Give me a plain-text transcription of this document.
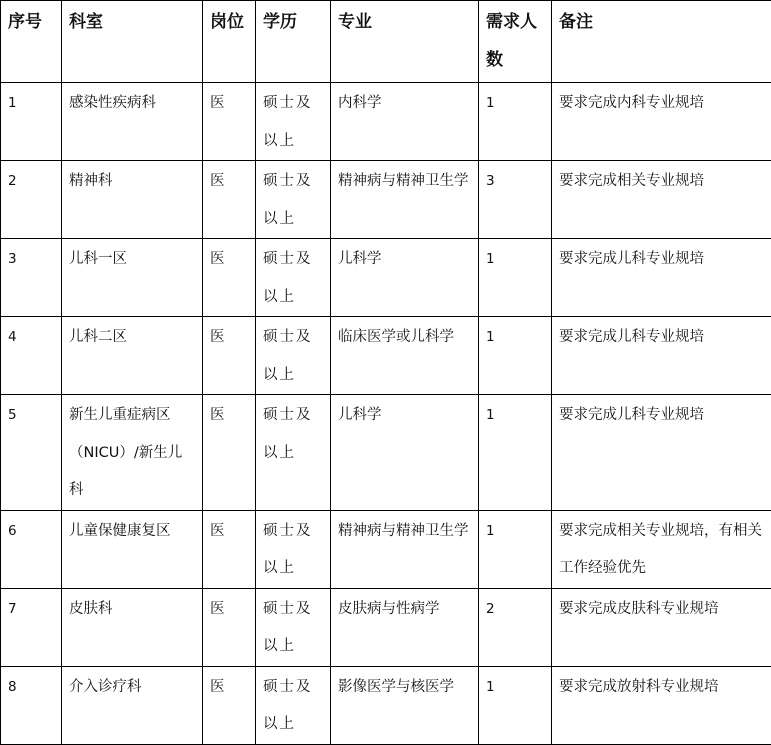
序号	科室	岗位	学历	专业	需求人数	备注
1	感染性疾病科	医	硕士及以上	内科学	1	要求完成内科专业规培
2	精神科	医	硕士及以上	精神病与精神卫生学	3	要求完成相关专业规培
3	儿科一区	医	硕士及以上	儿科学	1	要求完成儿科专业规培
4	儿科二区	医	硕士及以上	临床医学或儿科学	1	要求完成儿科专业规培
5	新生儿重症病区（NICU）/新生儿科	医	硕士及以上	儿科学	1	要求完成儿科专业规培
6	儿童保健康复区	医	硕士及以上	精神病与精神卫生学	1	要求完成相关专业规培，有相关工作经验优先
7	皮肤科	医	硕士及以上	皮肤病与性病学	2	要求完成皮肤科专业规培
8	介入诊疗科	医	硕士及以上	影像医学与核医学	1	要求完成放射科专业规培
